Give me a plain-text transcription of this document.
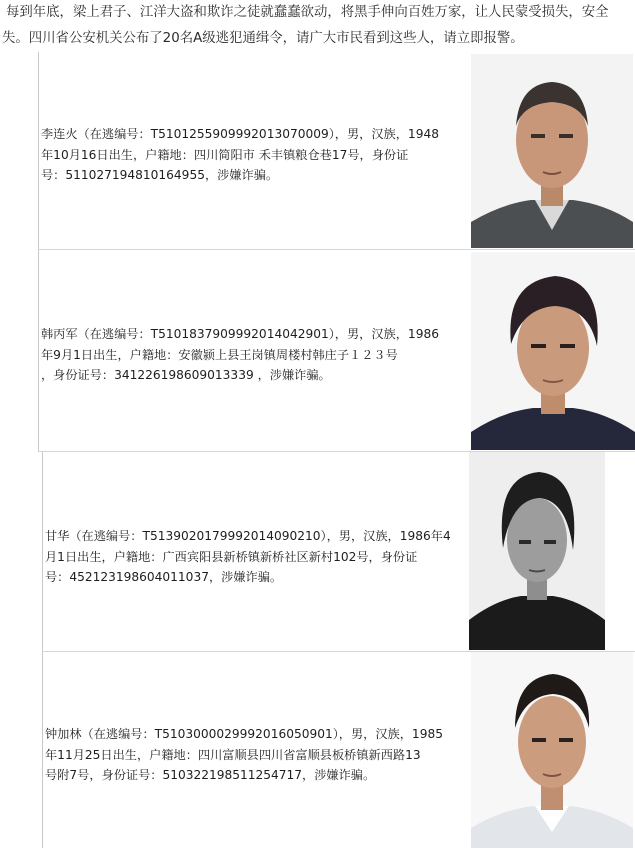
每到年底，梁上君子、江洋大盗和欺诈之徒就蠢蠢欲动，将黑手伸向百姓万家，让人民蒙受损失，安全
失。四川省公安机关公布了20名A级逃犯通缉令，请广大市民看到这些人，请立即报警。
李连火（在逃编号：T5101255909992013070009），男，汉族，1948
年10月16日出生，户籍地：四川简阳市 禾丰镇粮仓巷17号，身份证
号：511027194810164955，涉嫌诈骗。
韩丙军（在逃编号：T5101837909992014042901），男，汉族，1986
年9月1日出生，户籍地：安徽颍上县王岗镇周楼村韩庄子１２３号
，身份证号：341226198609013339 ，涉嫌诈骗。
甘华（在逃编号：T5139020179992014090210），男，汉族，1986年4
月1日出生，户籍地：广西宾阳县新桥镇新桥社区新村102号，身份证
号：452123198604011037，涉嫌诈骗。
钟加林（在逃编号：T5103000029992016050901），男，汉族，1985
年11月25日出生，户籍地：四川富顺县四川省富顺县板桥镇新西路13
号附7号，身份证号：510322198511254717，涉嫌诈骗。
